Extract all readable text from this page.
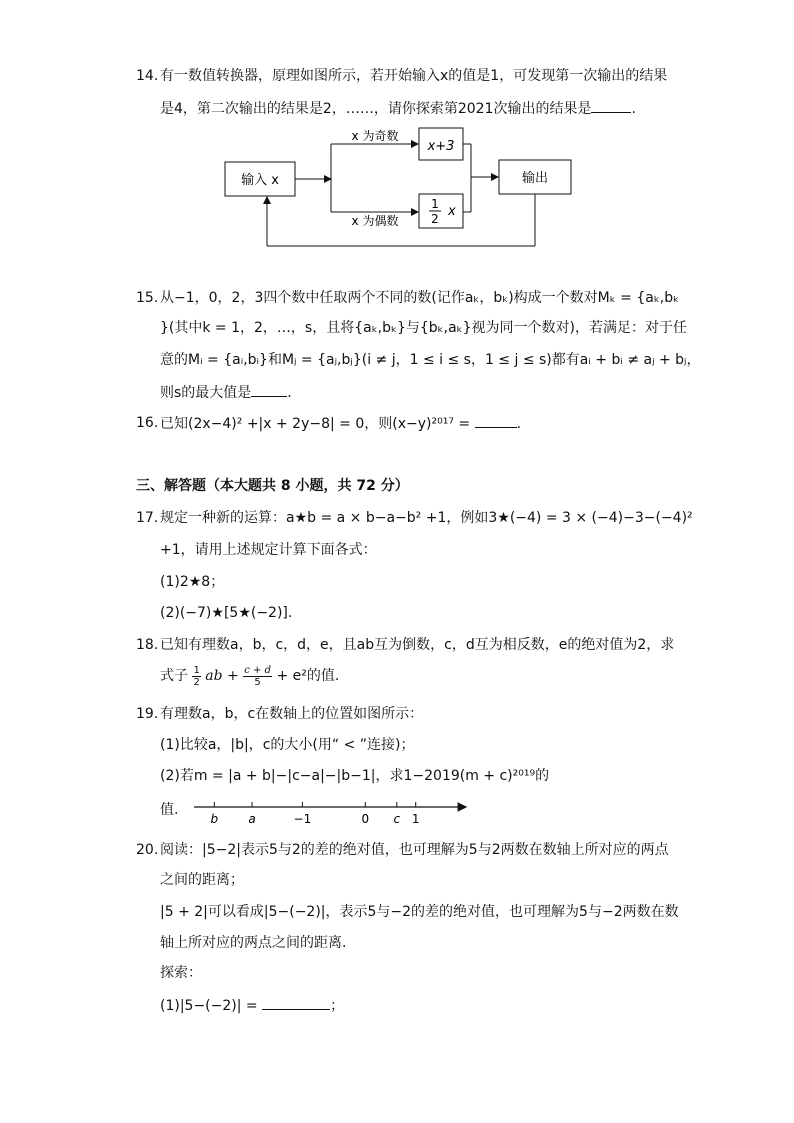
14. 有一数值转换器，原理如图所示，若开始输入x的值是1，可发现第一次输出的结果
是4，第二次输出的结果是2，……，请你探索第2021次输出的结果是	.
输入 x
x 为奇数
x 为偶数
x+3
1
2 x
输出
15. 从−1，0，2，3四个数中任取两个不同的数(记作aₖ，bₖ)构成一个数对Mₖ = {aₖ,bₖ
}(其中k = 1，2，…，s，且将{aₖ,bₖ}与{bₖ,aₖ}视为同一个数对)，若满足：对于任
意的Mᵢ = {aᵢ,bᵢ}和Mⱼ = {aⱼ,bⱼ}(i ≠ j，1 ≤ i ≤ s，1 ≤ j ≤ s)都有aᵢ + bᵢ ≠ aⱼ + bⱼ，
则s的最大值是	.
16. 已知(2x−4)² +|x + 2y−8| = 0，则(x−y)²⁰¹⁷ =	.
三、解答题（本大题共 8 小题，共 72 分）
17. 规定一种新的运算：a★b = a × b−a−b² +1，例如3★(−4) = 3 × (−4)−3−(−4)²
+1，请用上述规定计算下面各式：
(1)2★8；
(2)(−7)★[5★(−2)].
18. 已知有理数a，b，c，d，e，且ab互为倒数，c，d互为相反数，e的绝对值为2，求
式子 $\frac{1}{2}$ ab + $\frac{c + d}{5} + e^2$的值.
19. 有理数a，b，c在数轴上的位置如图所示：
(1)比较a，|b|，c的大小(用“ < ”连接)；
(2)若m = |a + b|−|c−a|−|b−1|，求1−2019(m + c)²⁰¹⁹的
值.
b	a	−1	0 c 1
20. 阅读：|5−2|表示5与2的差的绝对值，也可理解为5与2两数在数轴上所对应的两点
之间的距离；
|5 + 2|可以看成|5−(−2)|，表示5与−2的差的绝对值，也可理解为5与−2两数在数
轴上所对应的两点之间的距离.
探索：
(1)|5−(−2)| =	；
